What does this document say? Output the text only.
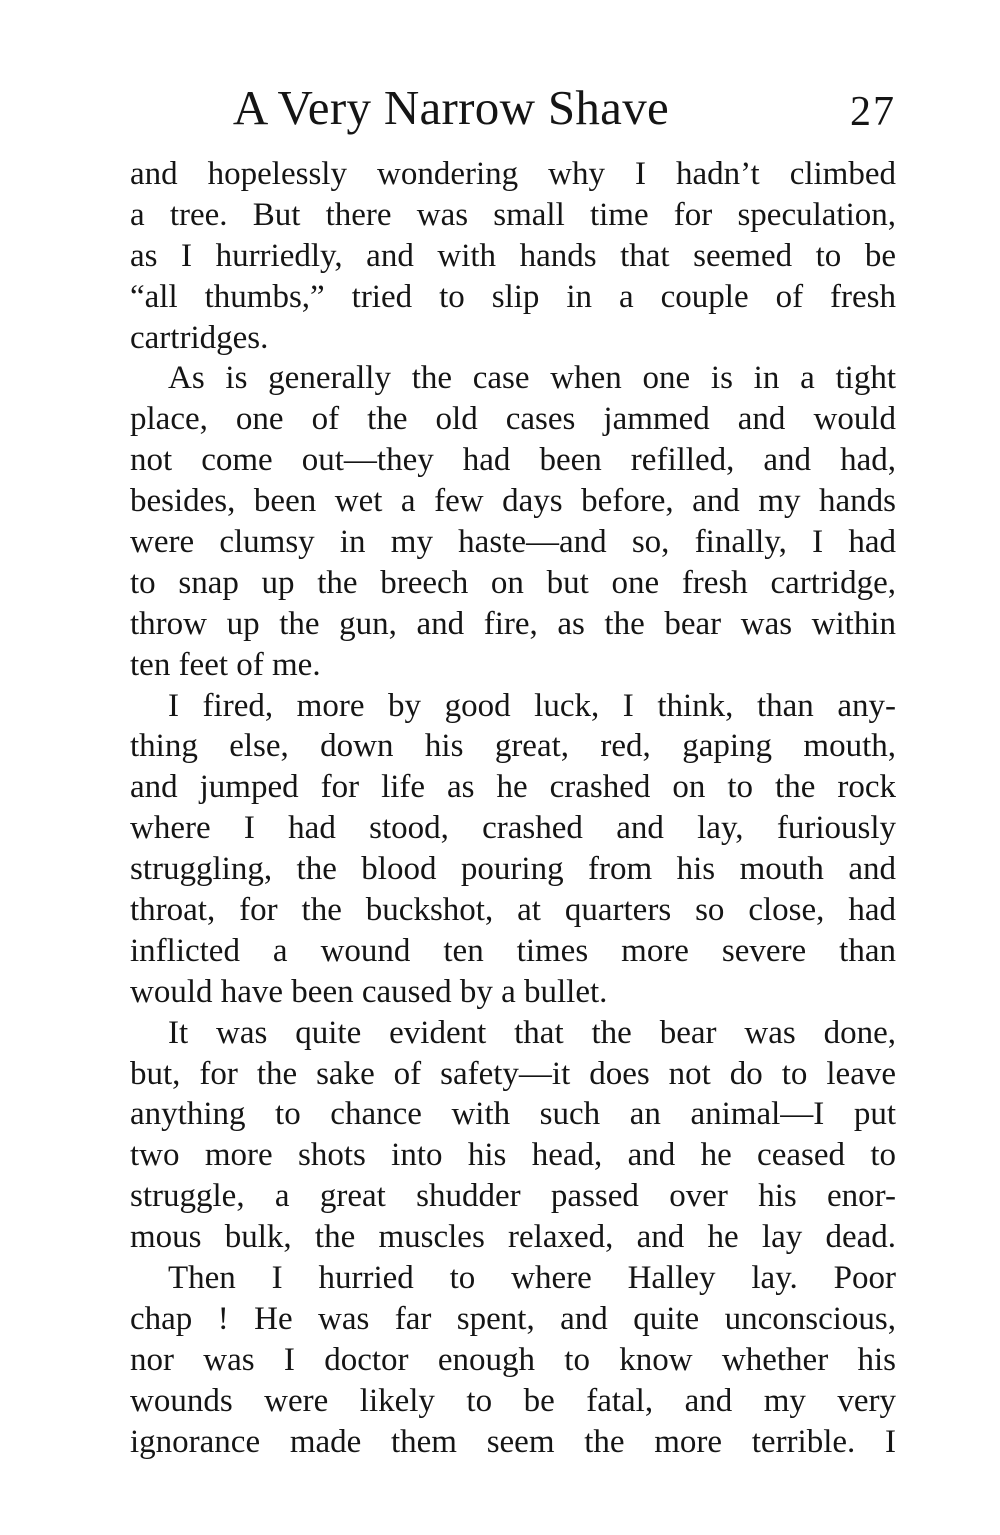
A Very Narrow Shave	27
and hopelessly wondering why I hadn’t climbed
a tree. But there was small time for speculation,
as I hurriedly, and with hands that seemed to be
“all thumbs,” tried to slip in a couple of fresh
cartridges.
As is generally the case when one is in a tight
place, one of the old cases jammed and would
not come out—they had been refilled, and had,
besides, been wet a few days before, and my hands
were clumsy in my haste—and so, finally, I had
to snap up the breech on but one fresh cartridge,
throw up the gun, and fire, as the bear was within
ten feet of me.
I fired, more by good luck, I think, than any-
thing else, down his great, red, gaping mouth,
and jumped for life as he crashed on to the rock
where I had stood, crashed and lay, furiously
struggling, the blood pouring from his mouth and
throat, for the buckshot, at quarters so close, had
inflicted a wound ten times more severe than
would have been caused by a bullet.
It was quite evident that the bear was done,
but, for the sake of safety—it does not do to leave
anything to chance with such an animal—I put
two more shots into his head, and he ceased to
struggle, a great shudder passed over his enor-
mous bulk, the muscles relaxed, and he lay dead.
Then I hurried to where Halley lay. Poor
chap ! He was far spent, and quite unconscious,
nor was I doctor enough to know whether his
wounds were likely to be fatal, and my very
ignorance made them seem the more terrible. I
